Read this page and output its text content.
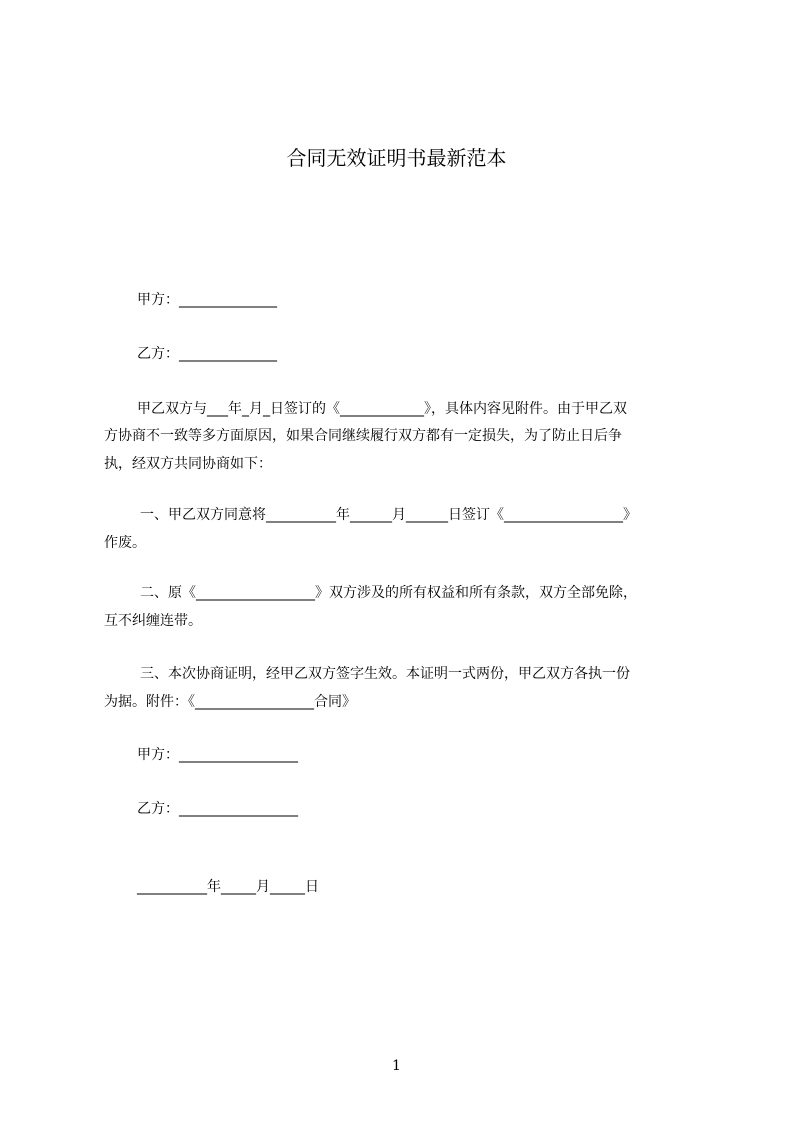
合同无效证明书最新范本
甲方：______________
乙方：______________
甲乙双方与___年_月_日签订的《____________》，具体内容见附件。由于甲乙双
方协商不一致等多方面原因，如果合同继续履行双方都有一定损失，为了防止日后争
执，经双方共同协商如下：
一、甲乙双方同意将__________年______月______日签订《_________________》
作废。
二、原《_________________》双方涉及的所有权益和所有条款，双方全部免除，
互不纠缠连带。
三、本次协商证明，经甲乙双方签字生效。本证明一式两份，甲乙双方各执一份
为据。附件：《_________________合同》
甲方：_________________
乙方：_________________
__________年_____月_____日
1
